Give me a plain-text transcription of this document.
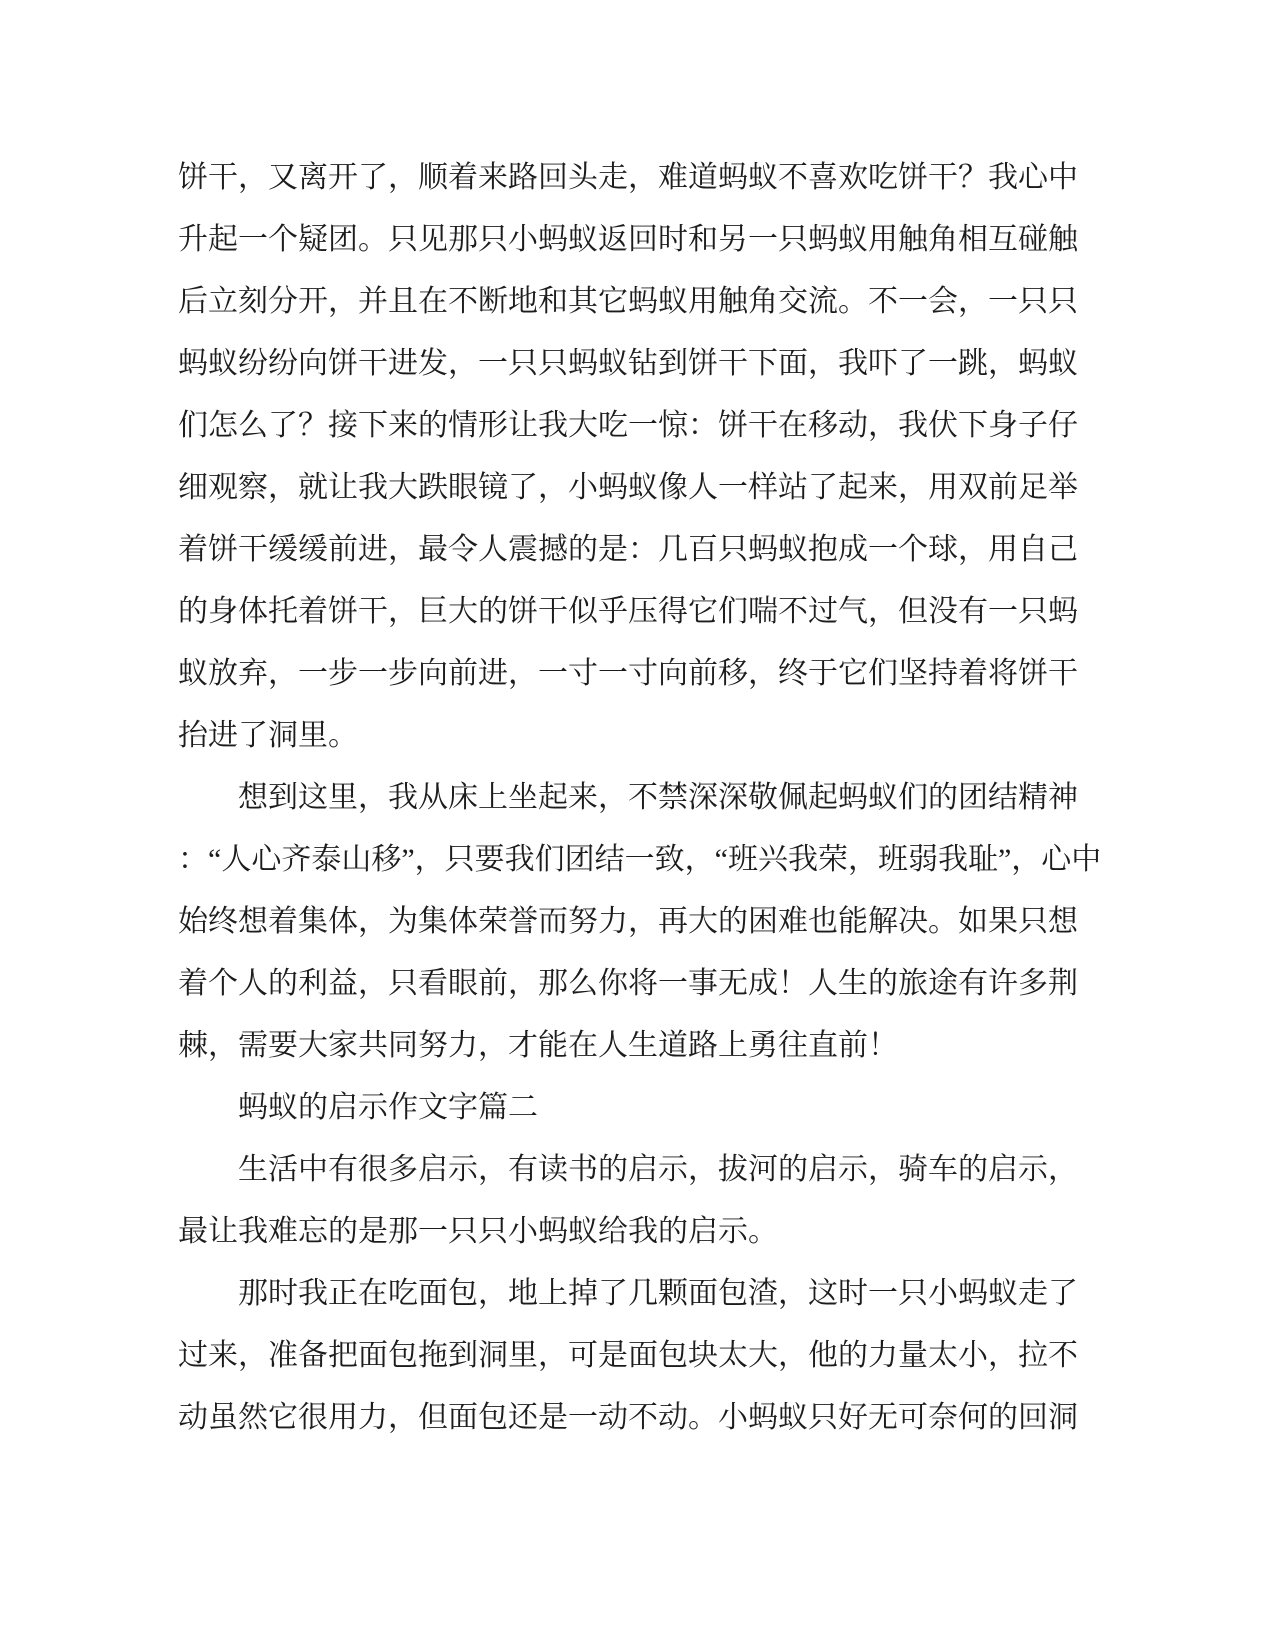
饼干，又离开了，顺着来路回头走，难道蚂蚁不喜欢吃饼干？我心中
升起一个疑团。只见那只小蚂蚁返回时和另一只蚂蚁用触角相互碰触
后立刻分开，并且在不断地和其它蚂蚁用触角交流。不一会，一只只
蚂蚁纷纷向饼干进发，一只只蚂蚁钻到饼干下面，我吓了一跳，蚂蚁
们怎么了？接下来的情形让我大吃一惊：饼干在移动，我伏下身子仔
细观察，就让我大跌眼镜了，小蚂蚁像人一样站了起来，用双前足举
着饼干缓缓前进，最令人震撼的是：几百只蚂蚁抱成一个球，用自己
的身体托着饼干，巨大的饼干似乎压得它们喘不过气，但没有一只蚂
蚁放弃，一步一步向前进，一寸一寸向前移，终于它们坚持着将饼干
抬进了洞里。
想到这里，我从床上坐起来，不禁深深敬佩起蚂蚁们的团结精神
：“人心齐泰山移”，只要我们团结一致，“班兴我荣，班弱我耻”，心中
始终想着集体，为集体荣誉而努力，再大的困难也能解决。如果只想
着个人的利益，只看眼前，那么你将一事无成！人生的旅途有许多荆
棘，需要大家共同努力，才能在人生道路上勇往直前！
蚂蚁的启示作文字篇二
生活中有很多启示，有读书的启示，拔河的启示，骑车的启示，
最让我难忘的是那一只只小蚂蚁给我的启示。
那时我正在吃面包，地上掉了几颗面包渣，这时一只小蚂蚁走了
过来，准备把面包拖到洞里，可是面包块太大，他的力量太小，拉不
动虽然它很用力，但面包还是一动不动。小蚂蚁只好无可奈何的回洞
